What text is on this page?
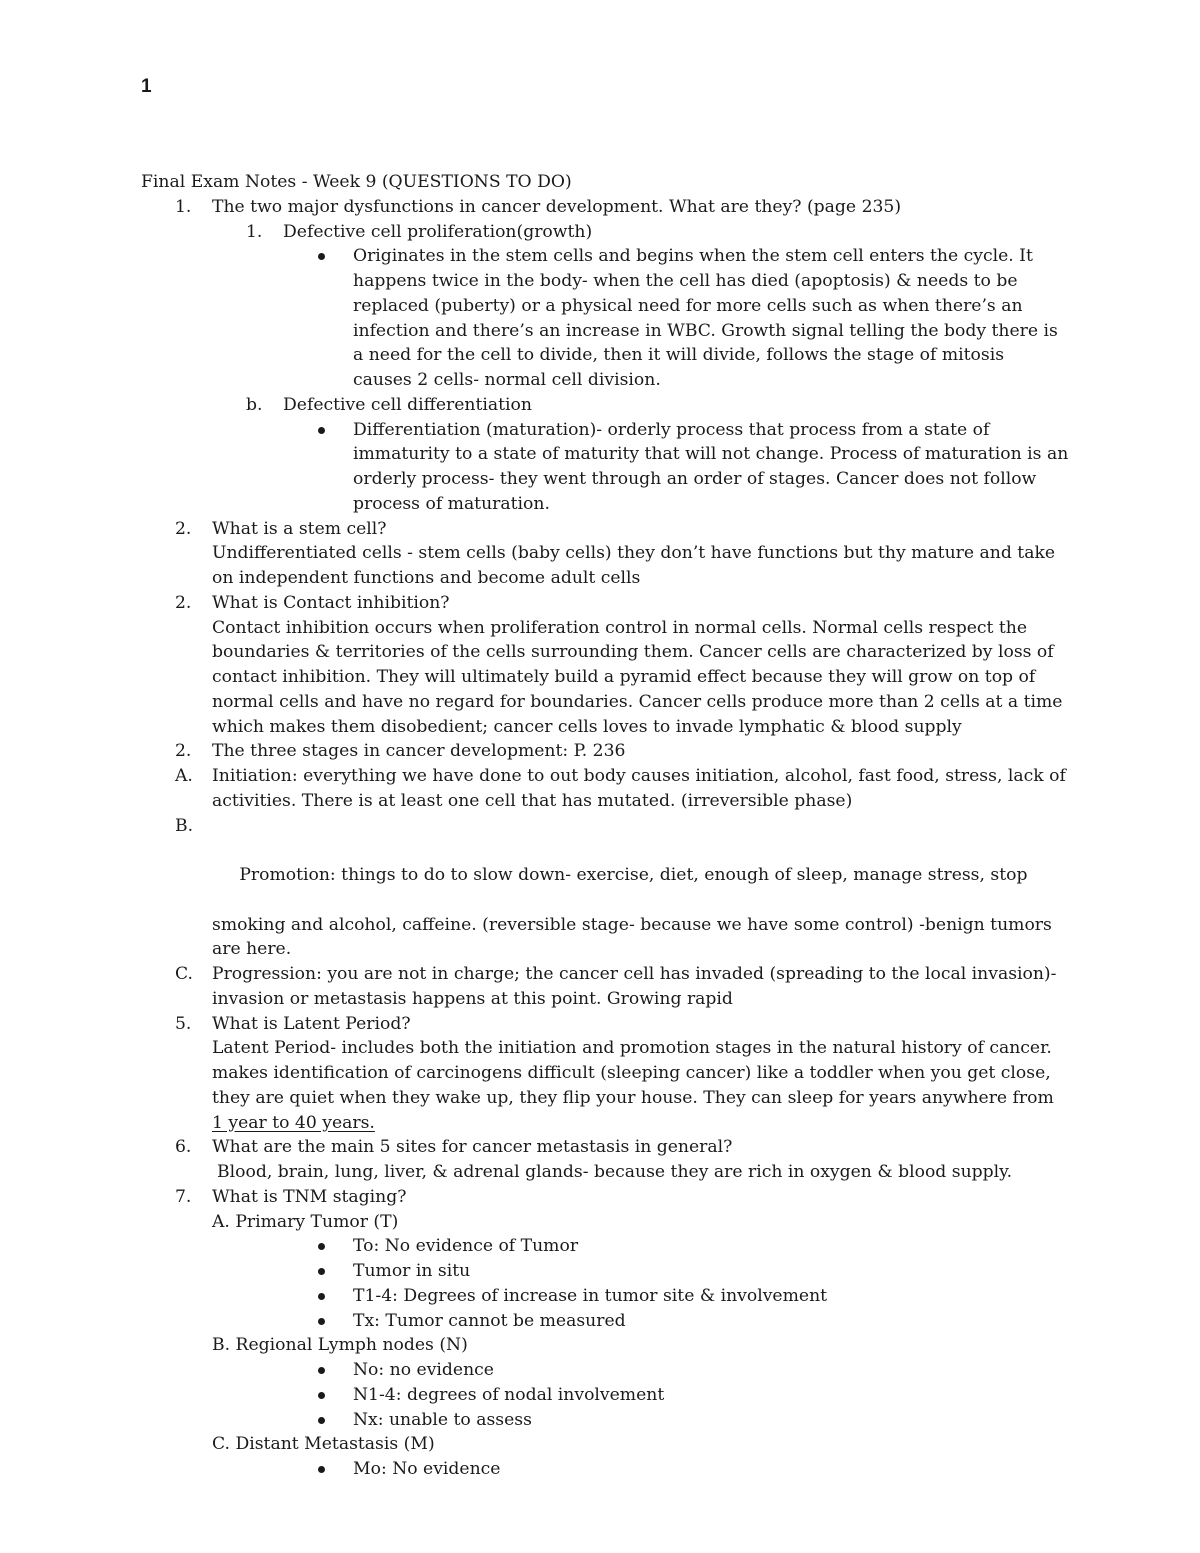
1
Final Exam Notes - Week 9 (QUESTIONS TO DO)
1. The two major dysfunctions in cancer development. What are they? (page 235)
1. Defective cell proliferation(growth)
Originates in the stem cells and begins when the stem cell enters the cycle. It
happens twice in the body- when the cell has died (apoptosis) & needs to be
replaced (puberty) or a physical need for more cells such as when there’s an
infection and there’s an increase in WBC. Growth signal telling the body there is
a need for the cell to divide, then it will divide, follows the stage of mitosis
causes 2 cells- normal cell division.
b. Defective cell differentiation
Differentiation (maturation)- orderly process that process from a state of
immaturity to a state of maturity that will not change. Process of maturation is an
orderly process- they went through an order of stages. Cancer does not follow
process of maturation.
2. What is a stem cell?
Undifferentiated cells - stem cells (baby cells) they don’t have functions but thy mature and take
on independent functions and become adult cells
2. What is Contact inhibition?
Contact inhibition occurs when proliferation control in normal cells. Normal cells respect the
boundaries & territories of the cells surrounding them. Cancer cells are characterized by loss of
contact inhibition. They will ultimately build a pyramid effect because they will grow on top of
normal cells and have no regard for boundaries. Cancer cells produce more than 2 cells at a time
which makes them disobedient; cancer cells loves to invade lymphatic & blood supply
2. The three stages in cancer development: P. 236
A. Initiation: everything we have done to out body causes initiation, alcohol, fast food, stress, lack of
activities. There is at least one cell that has mutated. (irreversible phase)

B.

Promotion: things to do to slow down- exercise, diet, enough of sleep, manage stress, stop

smoking and alcohol, caffeine. (reversible stage- because we have some control) -benign tumors
are here.
C. Progression: you are not in charge; the cancer cell has invaded (spreading to the local invasion)-
invasion or metastasis happens at this point. Growing rapid
5. What is Latent Period?
Latent Period- includes both the initiation and promotion stages in the natural history of cancer.
makes identification of carcinogens difficult (sleeping cancer) like a toddler when you get close,
they are quiet when they wake up, they flip your house. They can sleep for years anywhere from
1 year to 40 years.
6. What are the main 5 sites for cancer metastasis in general?
Blood, brain, lung, liver, & adrenal glands- because they are rich in oxygen & blood supply.
7. What is TNM staging?
A. Primary Tumor (T)
To: No evidence of Tumor
Tumor in situ
T1-4: Degrees of increase in tumor site & involvement
Tx: Tumor cannot be measured
B. Regional Lymph nodes (N)
No: no evidence
N1-4: degrees of nodal involvement
Nx: unable to assess
C. Distant Metastasis (M)
Mo: No evidence
